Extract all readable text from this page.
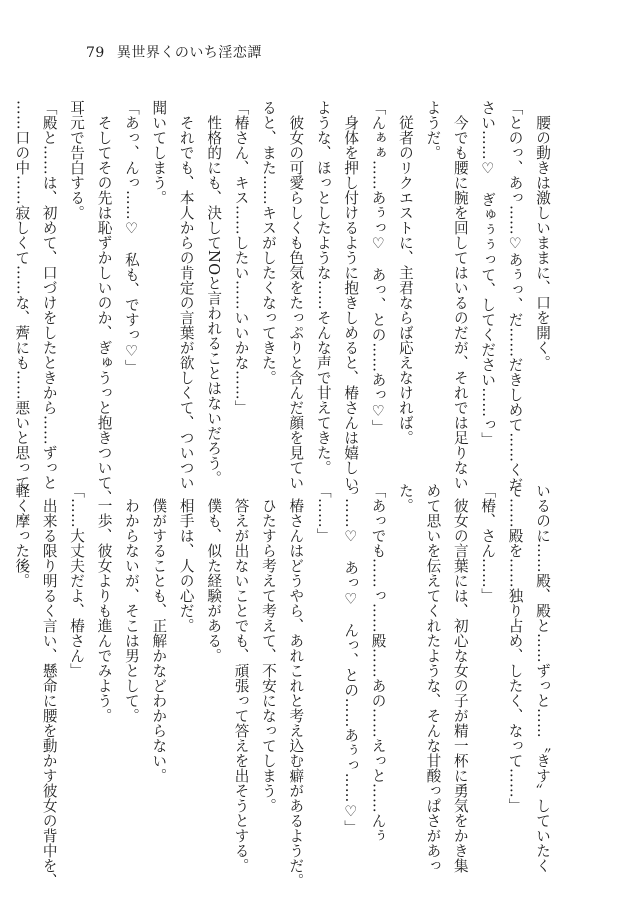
79 異世界くのいち淫恋譚

　腰の動きは激しいままに、口を開く。

「とのっ、あっ……♡あぅっ、だ……だきしめて……くだ

さい……♡　ぎゅぅぅって、してください……っ」

　今でも腰に腕を回してはいるのだが、それでは足りない

ようだ。

　従者のリクエストに、主君ならば応えなければ。

「んぁぁ……あぅっ♡　あっ、との……あっ♡」

　身体を押し付けるように抱きしめると、椿さんは嬉しい

ような、ほっとしたような……そんな声で甘えてきた。

　彼女の可愛らしくも色気をたっぷりと含んだ顔を見てい

ると、また……キスがしたくなってきた。

「椿さん、キス……したい……いいかな……」

　性格的にも、決してNOと言われることはないだろう。

　それでも、本人からの肯定の言葉が欲しくて、ついつい

聞いてしまう。

「あっ、んっ……♡　私も、ですっ♡」

　そしてその先は恥ずかしいのか、ぎゅうっと抱きついて、

耳元で告白する。

「殿と……は、初めて、口づけをしたときから……ずっと

……口の中……寂しくて……な、薺にも……悪いと思って

いるのに……殿、殿と……ずっと……〝きす〟していたく

て……殿を……独り占め、したく、なって……」

「椿、さん……」

　彼女の言葉には、初心な女の子が精一杯に勇気をかき集

めて思いを伝えてくれたような、そんな甘酸っぱさがあっ

た。

「あっでも……っ……殿……あの……えっと……んぅ

っ……♡　あっ♡　んっ、との……あぅっ……♡」

「……」

　椿さんはどうやら、あれこれと考え込む癖があるようだ。

　ひたすら考えて考えて、不安になってしまう。

　答えが出ないことでも、頑張って答えを出そうとする。

　僕も、似た経験がある。

　相手は、人の心だ。

　僕がすることも、正解かなどわからない。

　わからないが、そこは男として。

　一歩、彼女よりも進んでみよう。

「……大丈夫だよ、椿さん」

　出来る限り明るく言い、懸命に腰を動かす彼女の背中を、

軽く摩った後。
